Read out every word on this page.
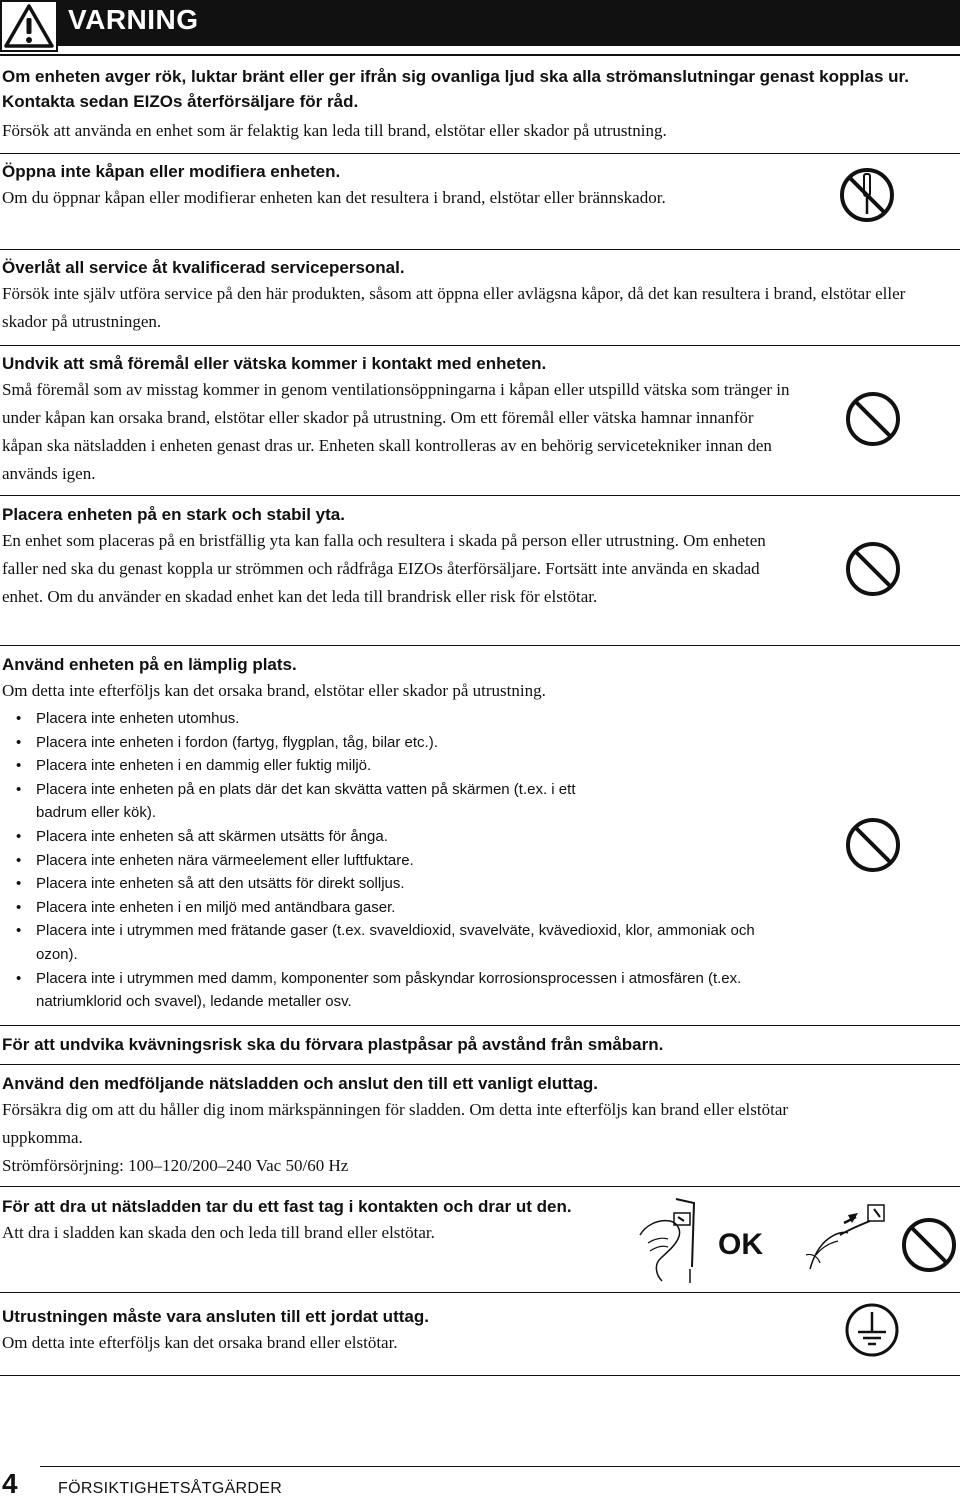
VARNING

Om enheten avger rök, luktar bränt eller ger ifrån sig ovanliga ljud ska alla strömanslutningar genast kopplas ur. Kontakta sedan EIZOs återförsäljare för råd.

Försök att använda en enhet som är felaktig kan leda till brand, elstötar eller skador på utrustning.

Öppna inte kåpan eller modifiera enheten.

Om du öppnar kåpan eller modifierar enheten kan det resultera i brand, elstötar eller brännskador.

Överlåt all service åt kvalificerad servicepersonal.

Försök inte själv utföra service på den här produkten, såsom att öppna eller avlägsna kåpor, då det kan resultera i brand, elstötar eller skador på utrustningen.

Undvik att små föremål eller vätska kommer i kontakt med enheten.

Små föremål som av misstag kommer in genom ventilationsöppningarna i kåpan eller utspilld vätska som tränger in under kåpan kan orsaka brand, elstötar eller skador på utrustning. Om ett föremål eller vätska hamnar innanför kåpan ska nätsladden i enheten genast dras ur. Enheten skall kontrolleras av en behörig servicetekniker innan den används igen.

Placera enheten på en stark och stabil yta.

En enhet som placeras på en bristfällig yta kan falla och resultera i skada på person eller utrustning. Om enheten faller ned ska du genast koppla ur strömmen och rådfråga EIZOs återförsäljare. Fortsätt inte använda en skadad enhet. Om du använder en skadad enhet kan det leda till brandrisk eller risk för elstötar.

Använd enheten på en lämplig plats.

Om detta inte efterföljs kan det orsaka brand, elstötar eller skador på utrustning.

• Placera inte enheten utomhus.
• Placera inte enheten i fordon (fartyg, flygplan, tåg, bilar etc.).
• Placera inte enheten i en dammig eller fuktig miljö.
• Placera inte enheten på en plats där det kan skvätta vatten på skärmen (t.ex. i ett badrum eller kök).
• Placera inte enheten så att skärmen utsätts för ånga.
• Placera inte enheten nära värmeelement eller luftfuktare.
• Placera inte enheten så att den utsätts för direkt solljus.
• Placera inte enheten i en miljö med antändbara gaser.
• Placera inte i utrymmen med frätande gaser (t.ex. svaveldioxid, svavelväte, kvävedioxid, klor, ammoniak och ozon).
• Placera inte i utrymmen med damm, komponenter som påskyndar korrosionsprocessen i atmosfären (t.ex. natriumklorid och svavel), ledande metaller osv.

För att undvika kvävningsrisk ska du förvara plastpåsar på avstånd från småbarn.

Använd den medföljande nätsladden och anslut den till ett vanligt eluttag.

Försäkra dig om att du håller dig inom märkspänningen för sladden. Om detta inte efterföljs kan brand eller elstötar uppkomma.

Strömförsörjning: 100–120/200–240 Vac 50/60 Hz

För att dra ut nätsladden tar du ett fast tag i kontakten och drar ut den.

Att dra i sladden kan skada den och leda till brand eller elstötar.	OK

Utrustningen måste vara ansluten till ett jordat uttag.

Om detta inte efterföljs kan det orsaka brand eller elstötar.

4	FÖRSIKTIGHETSÅTGÄRDER
